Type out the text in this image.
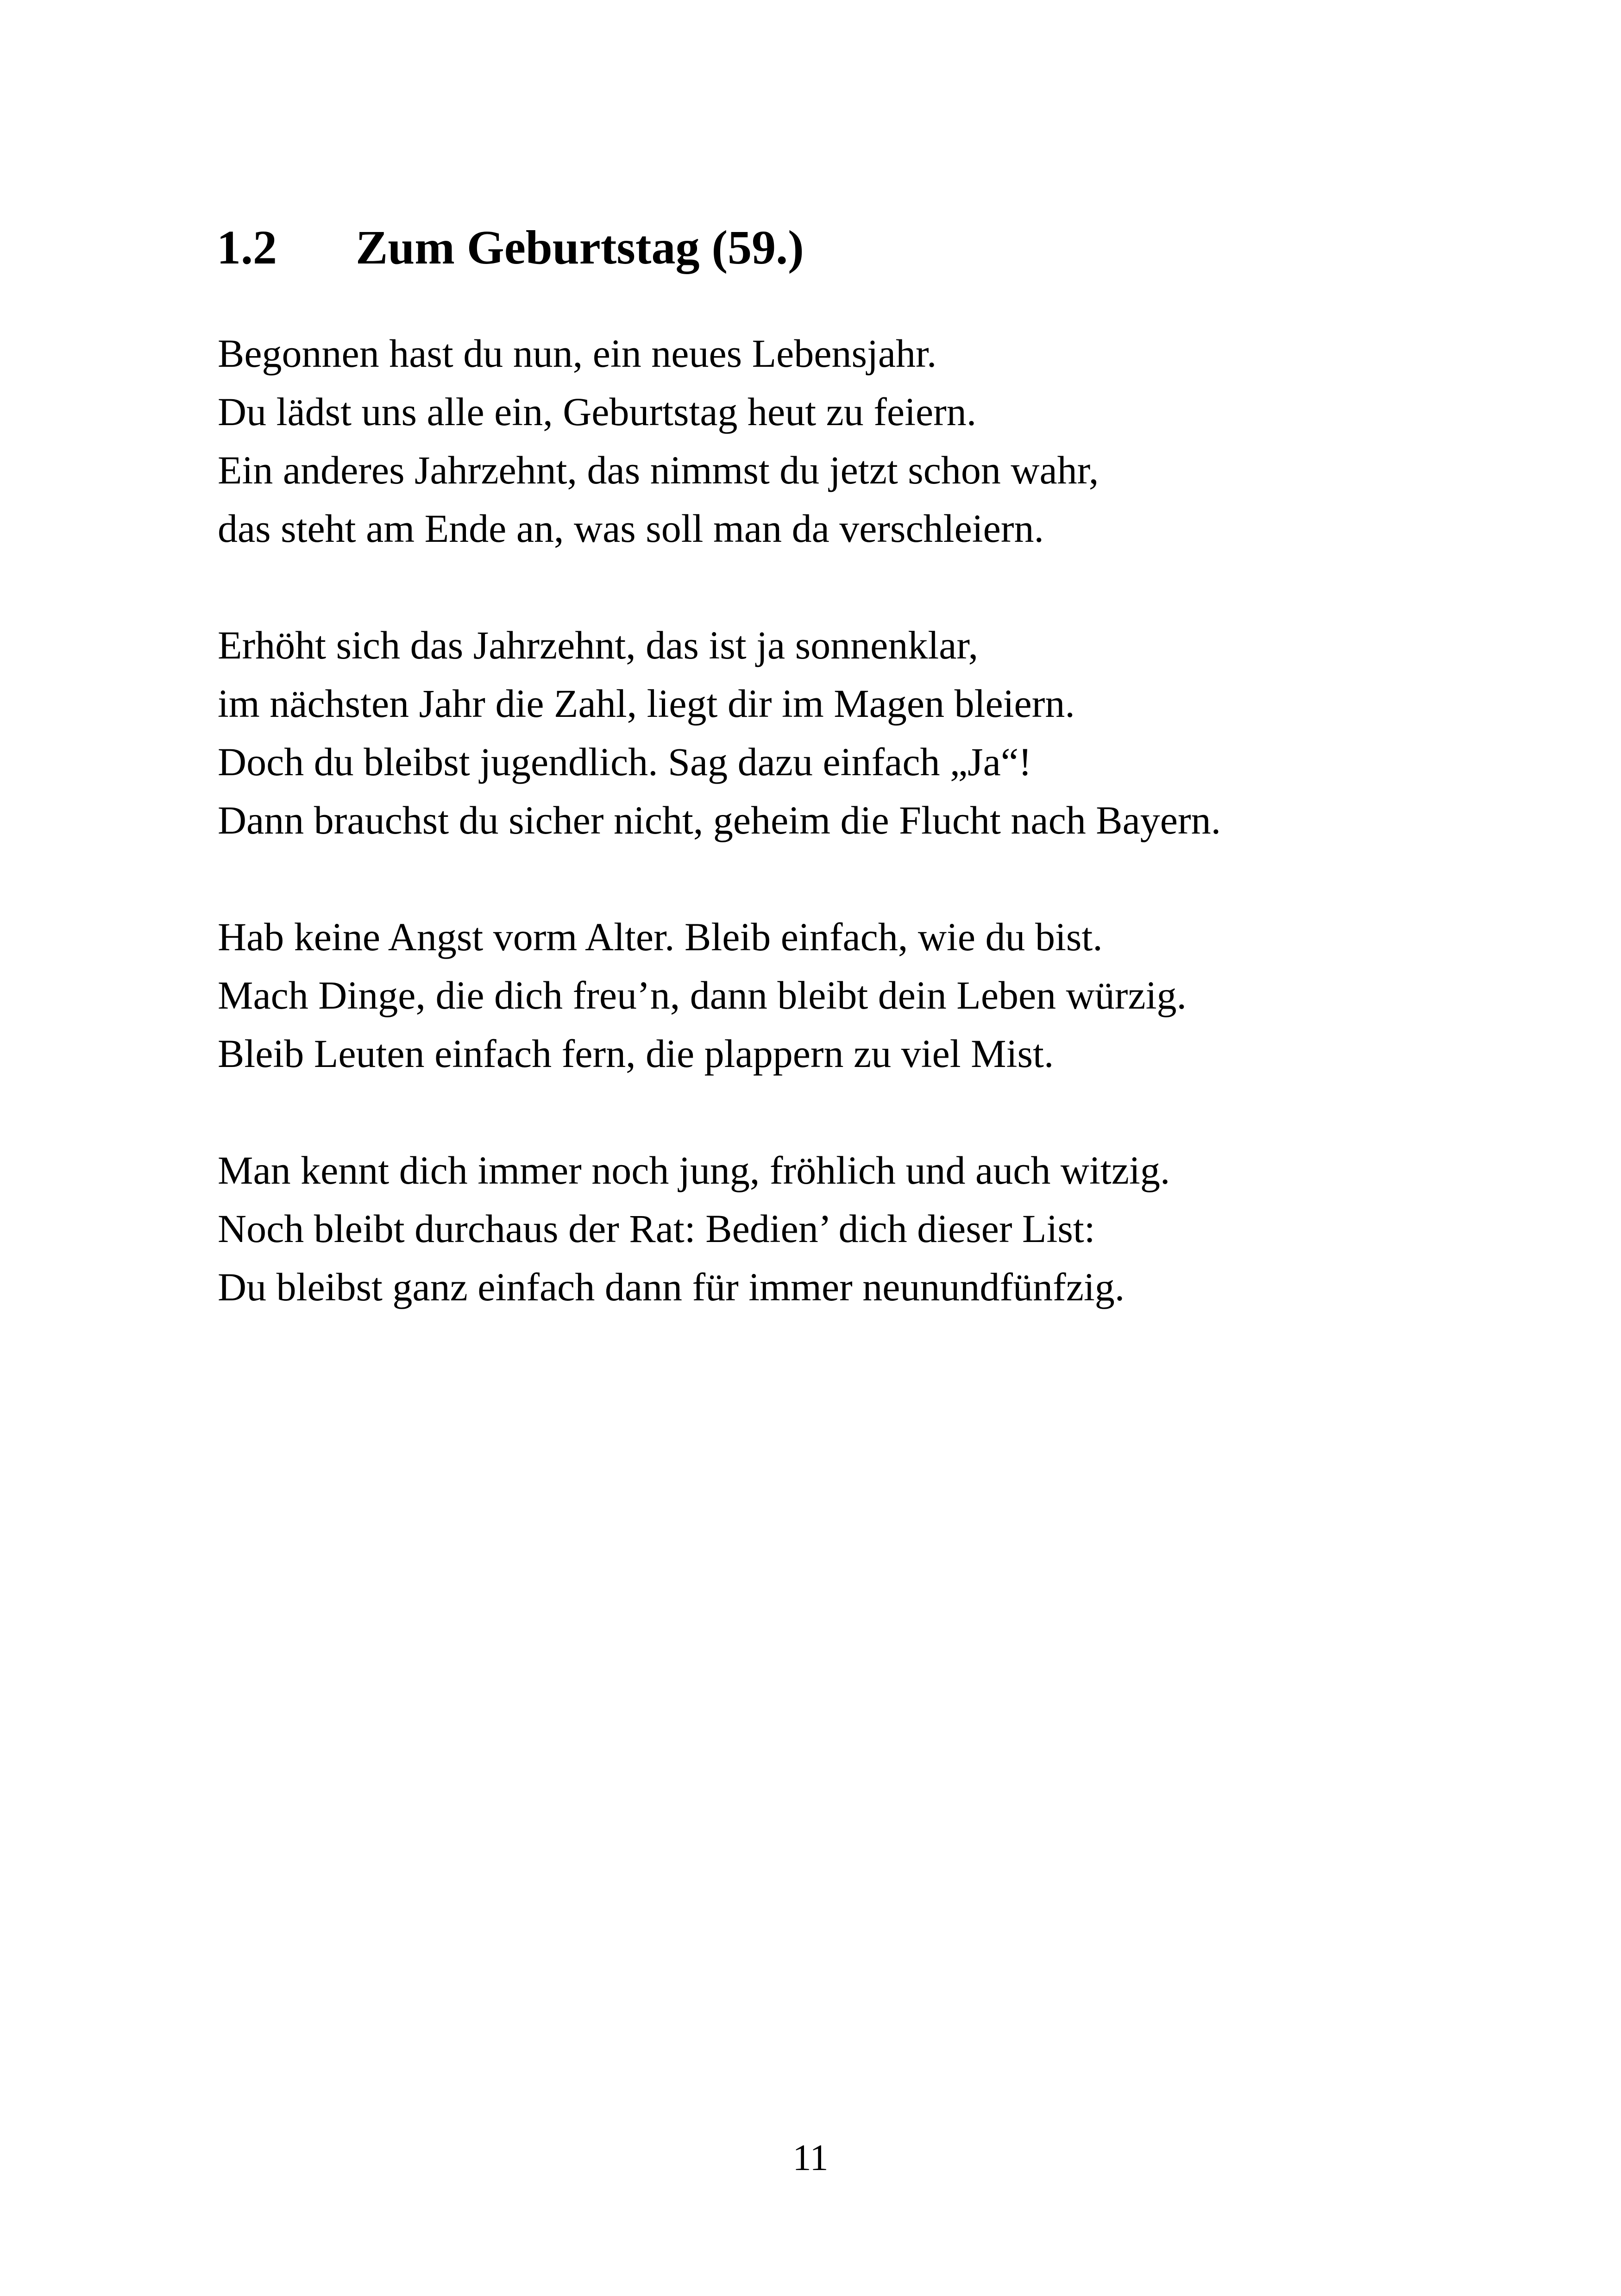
1.2 Zum Geburtstag (59.)
Begonnen hast du nun, ein neues Lebensjahr.
Du lädst uns alle ein, Geburtstag heut zu feiern.
Ein anderes Jahrzehnt, das nimmst du jetzt schon wahr,
das steht am Ende an, was soll man da verschleiern.
Erhöht sich das Jahrzehnt, das ist ja sonnenklar,
im nächsten Jahr die Zahl, liegt dir im Magen bleiern.
Doch du bleibst jugendlich. Sag dazu einfach „Ja“!
Dann brauchst du sicher nicht, geheim die Flucht nach Bayern.
Hab keine Angst vorm Alter. Bleib einfach, wie du bist.
Mach Dinge, die dich freu’n, dann bleibt dein Leben würzig.
Bleib Leuten einfach fern, die plappern zu viel Mist.
Man kennt dich immer noch jung, fröhlich und auch witzig.
Noch bleibt durchaus der Rat: Bedien’ dich dieser List:
Du bleibst ganz einfach dann für immer neunundfünfzig.
11
